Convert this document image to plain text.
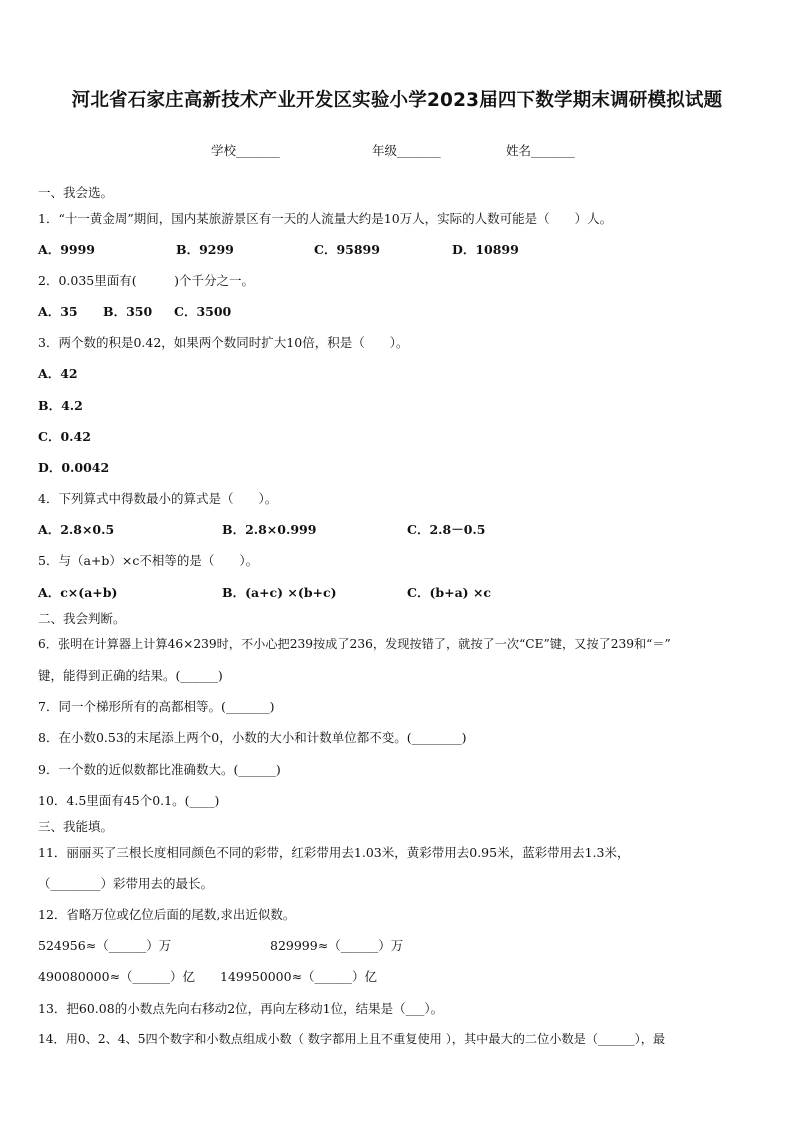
河北省石家庄高新技术产业开发区实验小学2023届四下数学期末调研模拟试题
学校_______	年级_______	姓名_______
一、我会选。
1．“十一黄金周”期间，国内某旅游景区有一天的人流量大约是10万人，实际的人数可能是（　　）人。
A．9999	B．9299	C．95899	D．10899
2．0.035里面有(　　　)个千分之一。
A．35 B．350 C．3500
3．两个数的积是0.42，如果两个数同时扩大10倍，积是（　　）。
A．42
B．4.2
C．0.42
D．0.0042
4．下列算式中得数最小的算式是（　　）。
A．2.8×0.5	B．2.8×0.999	C．2.8－0.5
5．与（a+b）×c不相等的是（　　）。
A．c×(a+b)	B．(a+c) ×(b+c)	C．(b+a) ×c
二、我会判断。
6．张明在计算器上计算46×239时，不小心把239按成了236，发现按错了，就按了一次“CE”键，又按了239和“＝”
键，能得到正确的结果。(______)
7．同一个梯形所有的高都相等。(_______)
8．在小数0.53的末尾添上两个0，小数的大小和计数单位都不变。(________)
9．一个数的近似数都比准确数大。(______)
10．4.5里面有45个0.1。(____)
三、我能填。
11．丽丽买了三根长度相同颜色不同的彩带，红彩带用去1.03米，黄彩带用去0.95米，蓝彩带用去1.3米，
（________）彩带用去的最长。
12．省略万位或亿位后面的尾数,求出近似数。
524956≈（______）万	829999≈（______）万
490080000≈（______）亿 149950000≈（______）亿
13．把60.08的小数点先向右移动2位，再向左移动1位，结果是（___）。
14．用0、2、4、5四个数字和小数点组成小数（ 数字都用上且不重复使用 ），其中最大的二位小数是（______），最
